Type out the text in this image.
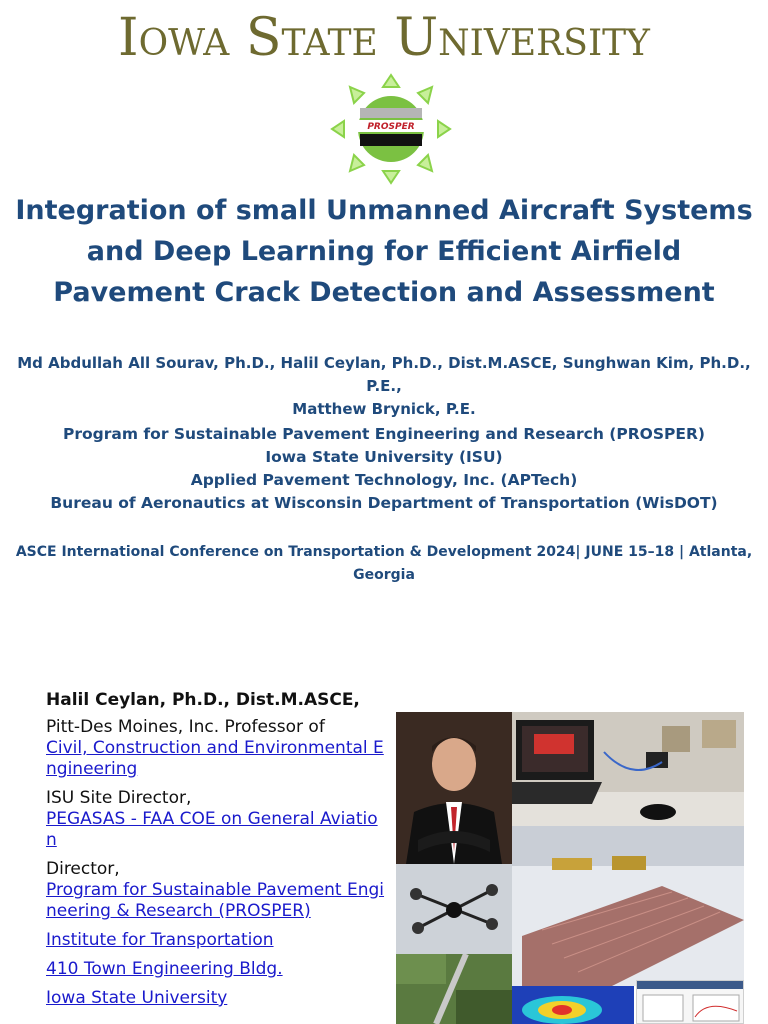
Iowa State University
PROSPER
Integration of small Unmanned Aircraft Systems and Deep Learning for Efficient Airfield Pavement Crack Detection and Assessment
Md Abdullah All Sourav, Ph.D., Halil Ceylan, Ph.D., Dist.M.ASCE, Sunghwan Kim, Ph.D., P.E.,
Matthew Brynick, P.E.
Program for Sustainable Pavement Engineering and Research (PROSPER)
Iowa State University (ISU)
Applied Pavement Technology, Inc. (APTech)
Bureau of Aeronautics at Wisconsin Department of Transportation (WisDOT)
ASCE International Conference on Transportation & Development 2024| JUNE 15–18 | Atlanta, Georgia
Halil Ceylan, Ph.D., Dist.M.ASCE,
Pitt-Des Moines, Inc. Professor of
Civil, Construction and Environmental Engineering
ISU Site Director,
PEGASAS - FAA COE on General Aviation
Director,
Program for Sustainable Pavement Engineering & Research (PROSPER)
Institute for Transportation
410 Town Engineering Bldg.
Iowa State University
